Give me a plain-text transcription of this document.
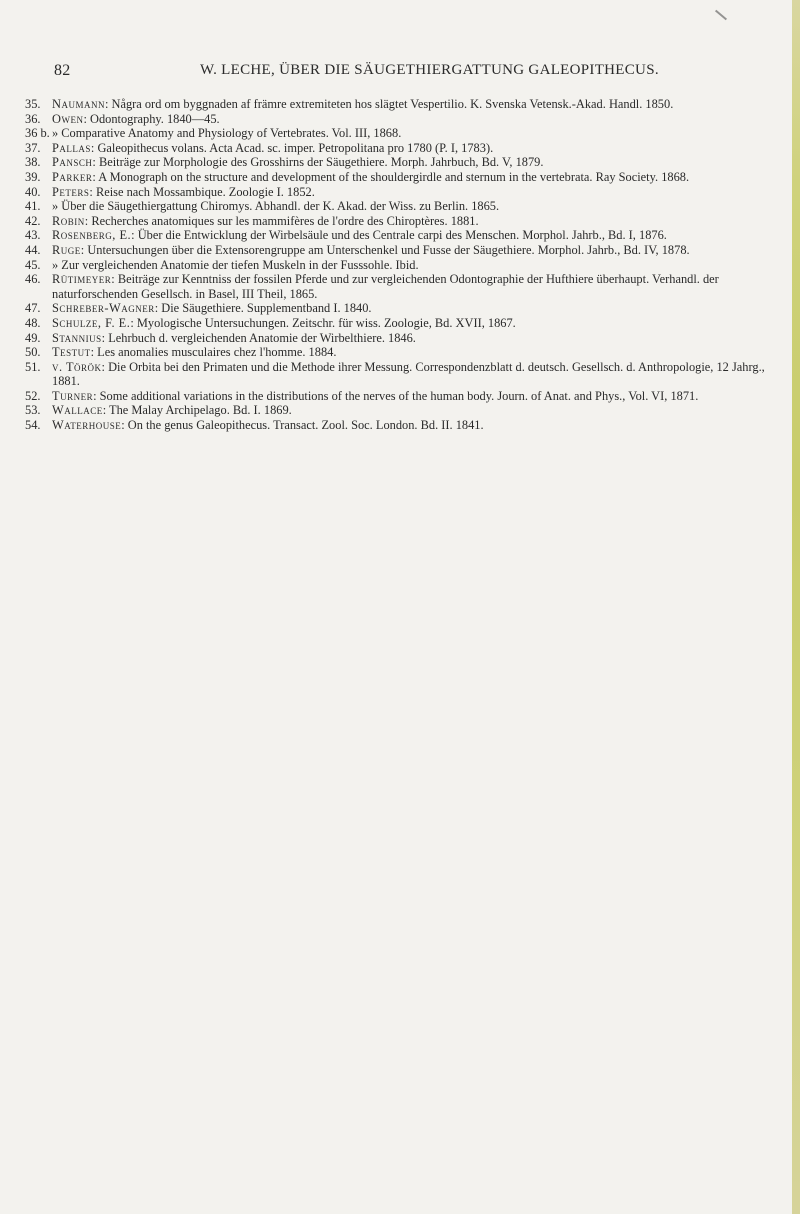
82	W. LECHE, ÜBER DIE SÄUGETHIERGATTUNG GALEOPITHECUS.
35. Naumann: Några ord om byggnaden af främre extremiteten hos slägtet Vespertilio. K. Svenska Vetensk.-Akad. Handl. 1850.
36. Owen: Odontography. 1840—45.
36 b. » Comparative Anatomy and Physiology of Vertebrates. Vol. III, 1868.
37. Pallas: Galeopithecus volans. Acta Acad. sc. imper. Petropolitana pro 1780 (P. I, 1783).
38. Pansch: Beiträge zur Morphologie des Grosshirns der Säugethiere. Morph. Jahrbuch, Bd. V, 1879.
39. Parker: A Monograph on the structure and development of the shouldergirdle and sternum in the vertebrata. Ray Society. 1868.
40. Peters: Reise nach Mossambique. Zoologie I. 1852.
41. » Über die Säugethiergattung Chiromys. Abhandl. der K. Akad. der Wiss. zu Berlin. 1865.
42. Robin: Recherches anatomiques sur les mammifères de l'ordre des Chiroptères. 1881.
43. Rosenberg, E.: Über die Entwicklung der Wirbelsäule und des Centrale carpi des Menschen. Morphol. Jahrb., Bd. I, 1876.
44. Ruge: Untersuchungen über die Extensorengruppe am Unterschenkel und Fusse der Säugethiere. Morphol. Jahrb., Bd. IV, 1878.
45. » Zur vergleichenden Anatomie der tiefen Muskeln in der Fusssohle. Ibid.
46. Rütimeyer: Beiträge zur Kenntniss der fossilen Pferde und zur vergleichenden Odontographie der Hufthiere überhaupt. Verhandl. der naturforschenden Gesellsch. in Basel, III Theil, 1865.
47. Schreber-Wagner: Die Säugethiere. Supplementband I. 1840.
48. Schulze, F. E.: Myologische Untersuchungen. Zeitschr. für wiss. Zoologie, Bd. XVII, 1867.
49. Stannius: Lehrbuch d. vergleichenden Anatomie der Wirbelthiere. 1846.
50. Testut: Les anomalies musculaires chez l'homme. 1884.
51. v. Török: Die Orbita bei den Primaten und die Methode ihrer Messung. Correspondenzblatt d. deutsch. Gesellsch. d. Anthropologie, 12 Jahrg., 1881.
52. Turner: Some additional variations in the distributions of the nerves of the human body. Journ. of Anat. and Phys., Vol. VI, 1871.
53. Wallace: The Malay Archipelago. Bd. I. 1869.
54. Waterhouse: On the genus Galeopithecus. Transact. Zool. Soc. London. Bd. II. 1841.
